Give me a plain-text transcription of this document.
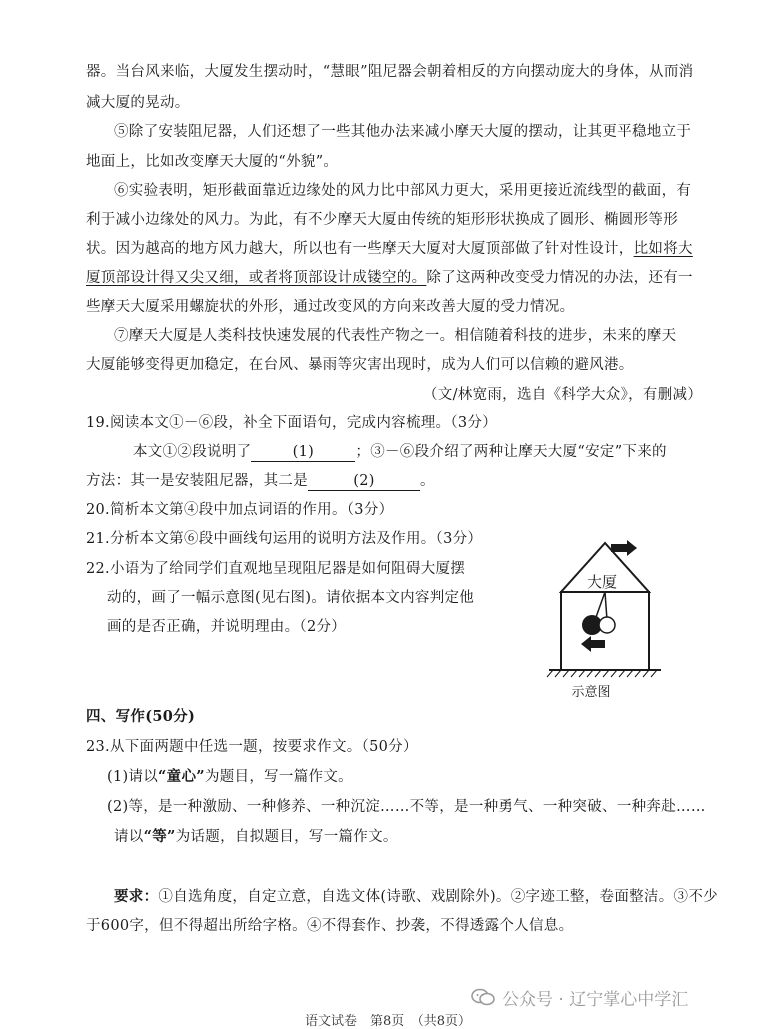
器。当台风来临，大厦发生摆动时，“慧眼”阻尼器会朝着相反的方向摆动庞大的身体，从而消
减大厦的晃动。
⑤除了安装阻尼器，人们还想了一些其他办法来减小摩天大厦的摆动，让其更平稳地立于
地面上，比如改变摩天大厦的“外貌”。
⑥实验表明，矩形截面靠近边缘处的风力比中部风力更大，采用更接近流线型的截面，有
利于减小边缘处的风力。为此，有不少摩天大厦由传统的矩形形状换成了圆形、椭圆形等形
状。因为越高的地方风力越大，所以也有一些摩天大厦对大厦顶部做了针对性设计，比如将大
厦顶部设计得又尖又细，或者将顶部设计成镂空的。除了这两种改变受力情况的办法，还有一
些摩天大厦采用螺旋状的外形，通过改变风的方向来改善大厦的受力情况。
⑦摩天大厦是人类科技快速发展的代表性产物之一。相信随着科技的进步，未来的摩天
大厦能够变得更加稳定，在台风、暴雨等灾害出现时，成为人们可以信赖的避风港。
（文/林宽雨，选自《科学大众》，有删减）
19.阅读本文①－⑥段，补全下面语句，完成内容梳理。（3分）
本文①②段说明了	(1)	；③－⑥段介绍了两种让摩天大厦“安定”下来的
方法：其一是安装阻尼器，其二是	(2)	。
20.简析本文第④段中加点词语的作用。（3分）
21.分析本文第⑥段中画线句运用的说明方法及作用。（3分）
22.小语为了给同学们直观地呈现阻尼器是如何阻碍大厦摆
动的，画了一幅示意图(见右图)。请依据本文内容判定他
画的是否正确，并说明理由。（2分）
大厦
示意图
四、写作(50分)
23.从下面两题中任选一题，按要求作文。（50分）
(1)请以“童心”为题目，写一篇作文。
(2)等，是一种激励、一种修养、一种沉淀……不等，是一种勇气、一种突破、一种奔赴……
请以“等”为话题，自拟题目，写一篇作文。
要求：①自选角度，自定立意，自选文体(诗歌、戏剧除外)。②字迹工整，卷面整洁。③不少
于600字，但不得超出所给字格。④不得套作、抄袭，不得透露个人信息。
公众号 · 辽宁掌心中学汇
语文试卷　第8页　（共8页）
